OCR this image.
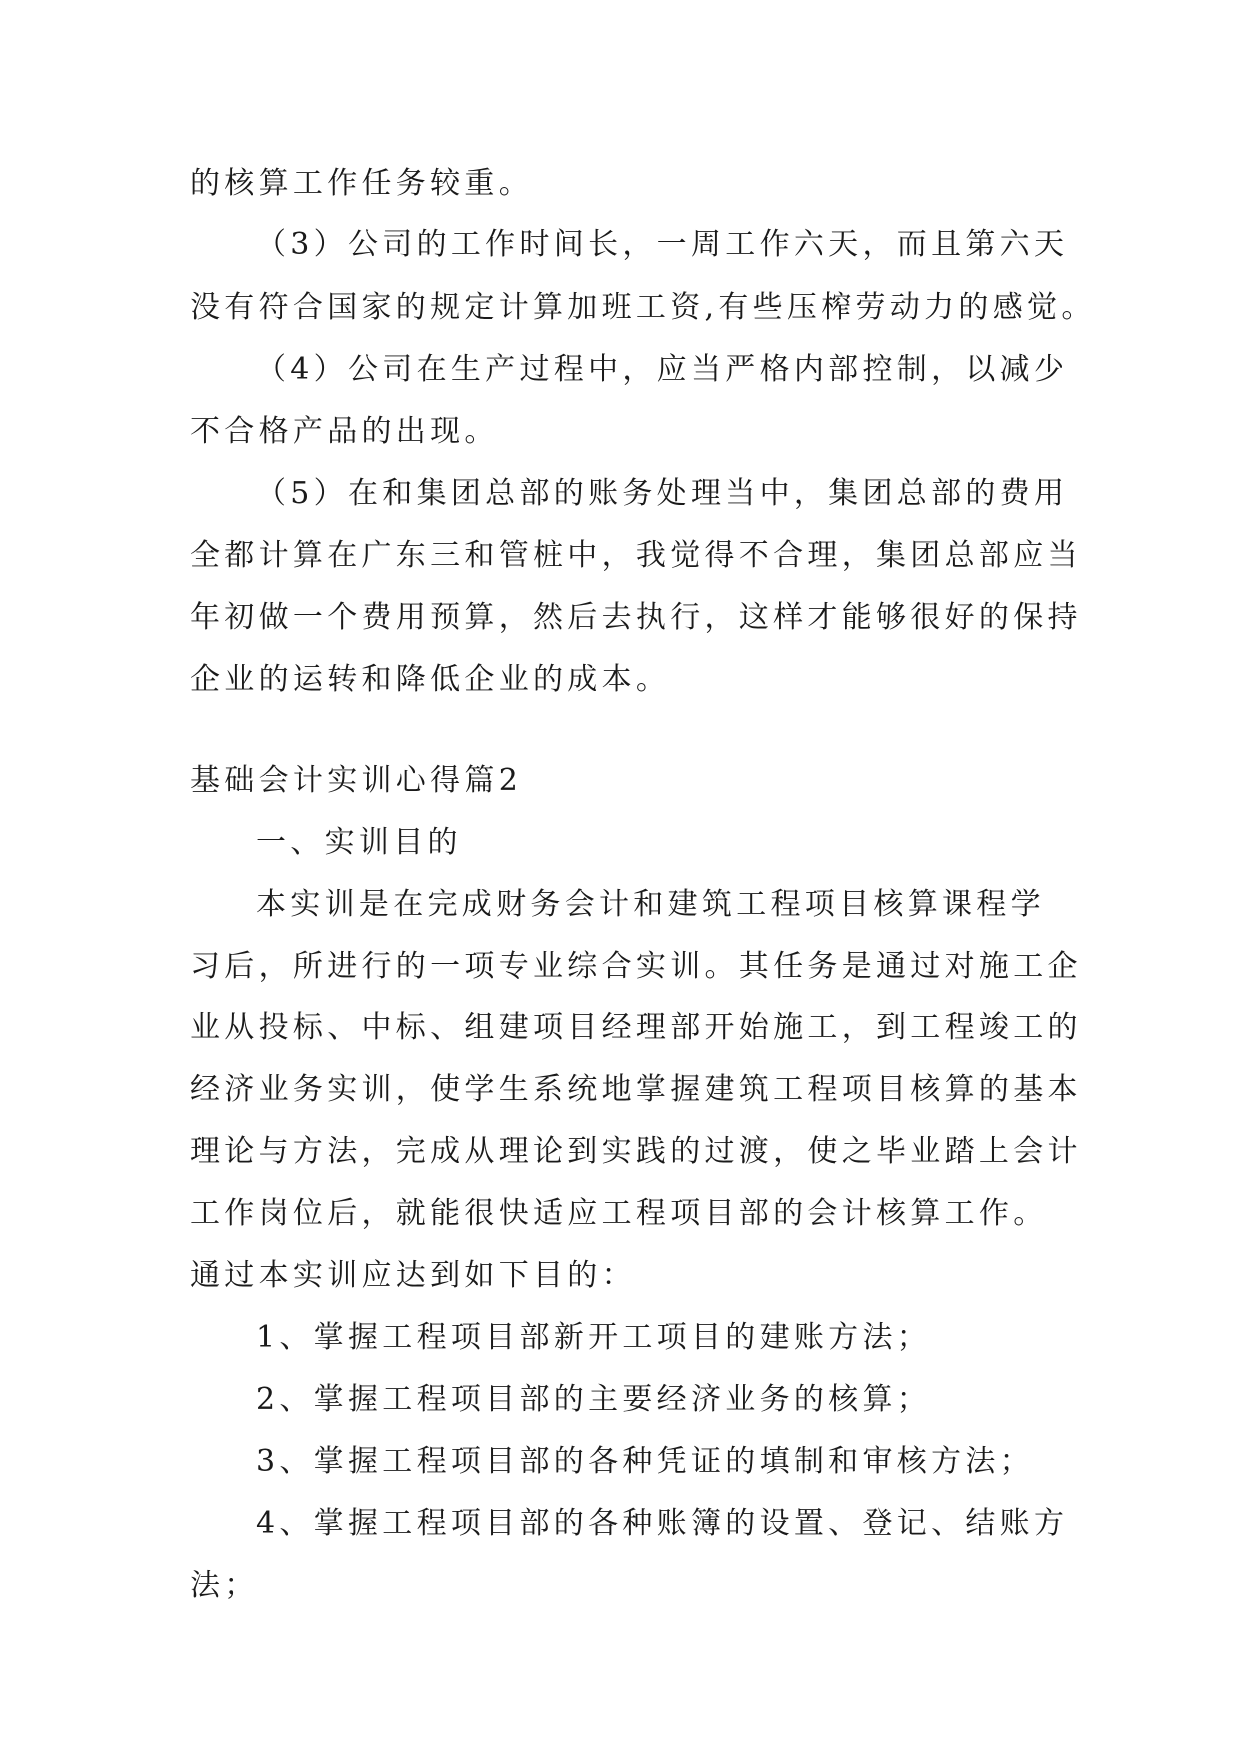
的核算工作任务较重。
（3）公司的工作时间长，一周工作六天，而且第六天
没有符合国家的规定计算加班工资,有些压榨劳动力的感觉。
（4）公司在生产过程中，应当严格内部控制，以减少
不合格产品的出现。
（5）在和集团总部的账务处理当中，集团总部的费用
全都计算在广东三和管桩中，我觉得不合理，集团总部应当
年初做一个费用预算，然后去执行，这样才能够很好的保持
企业的运转和降低企业的成本。
基础会计实训心得篇2
一、实训目的
本实训是在完成财务会计和建筑工程项目核算课程学
习后，所进行的一项专业综合实训。其任务是通过对施工企
业从投标、中标、组建项目经理部开始施工，到工程竣工的
经济业务实训，使学生系统地掌握建筑工程项目核算的基本
理论与方法，完成从理论到实践的过渡，使之毕业踏上会计
工作岗位后，就能很快适应工程项目部的会计核算工作。
通过本实训应达到如下目的：
1、掌握工程项目部新开工项目的建账方法；
2、掌握工程项目部的主要经济业务的核算；
3、掌握工程项目部的各种凭证的填制和审核方法；
4、掌握工程项目部的各种账簿的设置、登记、结账方
法；
